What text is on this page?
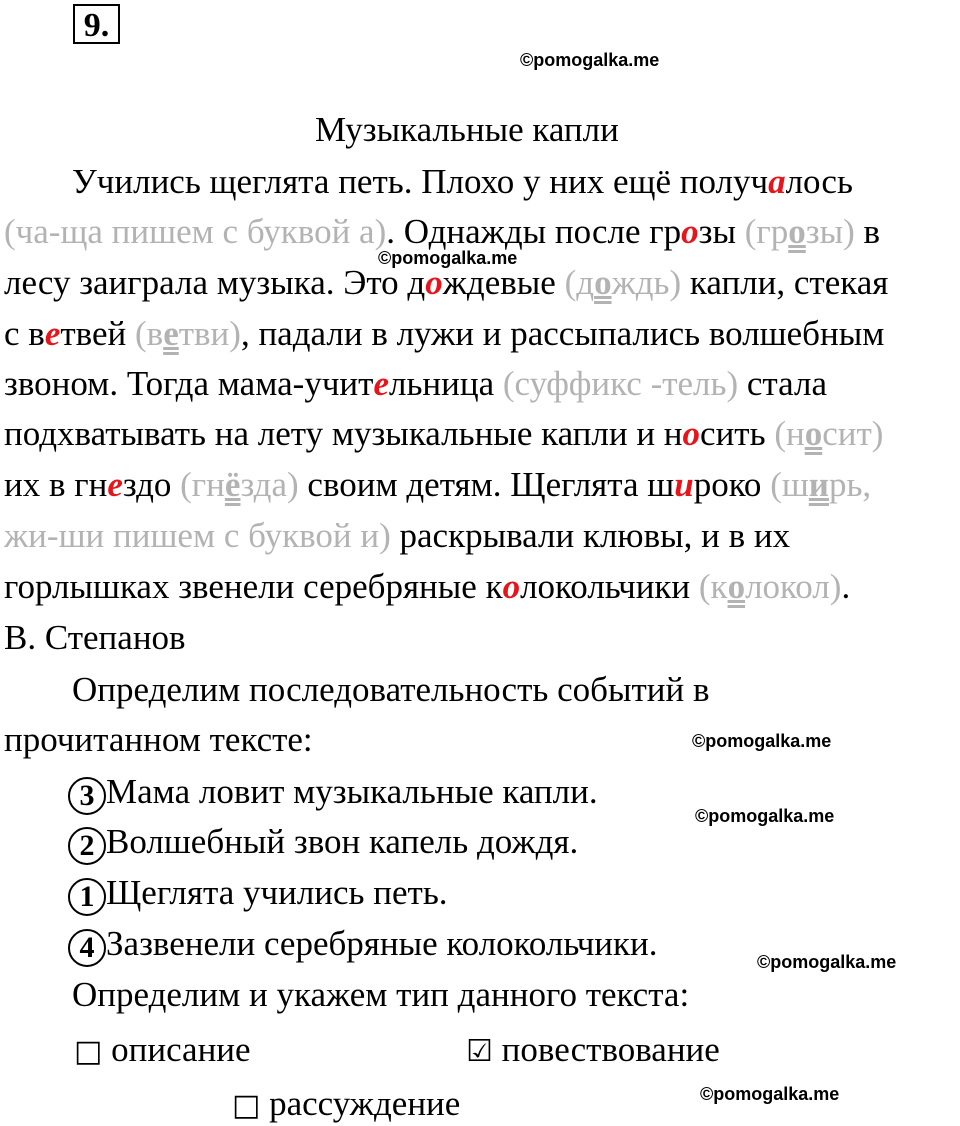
9.
©pomogalka.me
©pomogalka.me
©pomogalka.me
©pomogalka.me
©pomogalka.me
©pomogalka.me
Музыкальные капли
Учились щеглята петь. Плохо у них ещё получалось
(ча-ща пишем с буквой а). Однажды после грозы (грозы) в
лесу заиграла музыка. Это дождевые (дождь) капли, стекая
с ветвей (ветви), падали в лужи и рассыпались волшебным
звоном. Тогда мама-учительница (суффикс -тель) стала
подхватывать на лету музыкальные капли и носить (носит)
их в гнездо (гнёзда) своим детям. Щеглята широко (ширь,
жи-ши пишем с буквой и) раскрывали клювы, и в их
горлышках звенели серебряные колокольчики (колокол).
В. Степанов
Определим последовательность событий в
прочитанном тексте:
3 Мама ловит музыкальные капли.
2 Волшебный звон капель дождя.
1 Щеглята учились петь.
4 Зазвенели серебряные колокольчики.
Определим и укажем тип данного текста:
□ описание	☑ повествование
□ рассуждение
